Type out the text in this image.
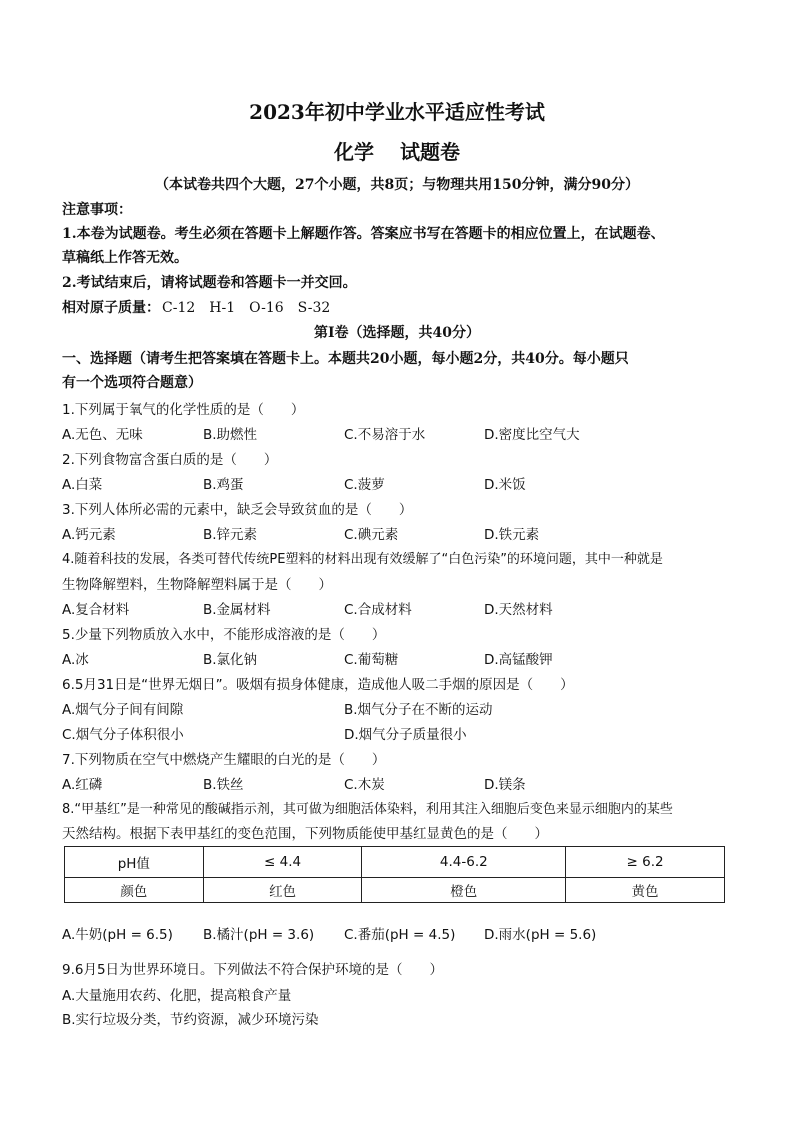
2023年初中学业水平适应性考试
化学 试题卷
（本试卷共四个大题，27个小题，共8页；与物理共用150分钟，满分90分）
注意事项：
1.本卷为试题卷。考生必须在答题卡上解题作答。答案应书写在答题卡的相应位置上，在试题卷、
草稿纸上作答无效。
2.考试结束后，请将试题卷和答题卡一并交回。
相对原子质量： C-12 H-1 O-16 S-32
第Ⅰ卷（选择题，共40分）
一、选择题（请考生把答案填在答题卡上。本题共20小题，每小题2分，共40分。每小题只
有一个选项符合题意）
1.下列属于氧气的化学性质的是（　　）
A.无色、无味	B.助燃性	C.不易溶于水	D.密度比空气大
2.下列食物富含蛋白质的是（　　）
A.白菜	B.鸡蛋	C.菠萝	D.米饭
3.下列人体所必需的元素中，缺乏会导致贫血的是（　　）
A.钙元素	B.锌元素	C.碘元素	D.铁元素
4.随着科技的发展，各类可替代传统PE塑料的材料出现有效缓解了“白色污染”的环境问题，其中一种就是
生物降解塑料，生物降解塑料属于是（　　）
A.复合材料	B.金属材料	C.合成材料	D.天然材料
5.少量下列物质放入水中，不能形成溶液的是（　　）
A.冰	B.氯化钠	C.葡萄糖	D.高锰酸钾
6.5月31日是“世界无烟日”。吸烟有损身体健康，造成他人吸二手烟的原因是（　　）
A.烟气分子间有间隙	B.烟气分子在不断的运动
C.烟气分子体积很小	D.烟气分子质量很小
7.下列物质在空气中燃烧产生耀眼的白光的是（　　）
A.红磷	B.铁丝	C.木炭	D.镁条
8.“甲基红”是一种常见的酸碱指示剂，其可做为细胞活体染料，利用其注入细胞后变色来显示细胞内的某些
天然结构。根据下表甲基红的变色范围，下列物质能使甲基红显黄色的是（　　）
pH值	≤ 4.4	4.4-6.2	≥ 6.2
颜色	红色	橙色	黄色
A.牛奶(pH = 6.5) B.橘汁(pH = 3.6) C.番茄(pH = 4.5) D.雨水(pH = 5.6)
9.6月5日为世界环境日。下列做法不符合保护环境的是（　　）
A.大量施用农药、化肥，提高粮食产量
B.实行垃圾分类，节约资源，减少环境污染
